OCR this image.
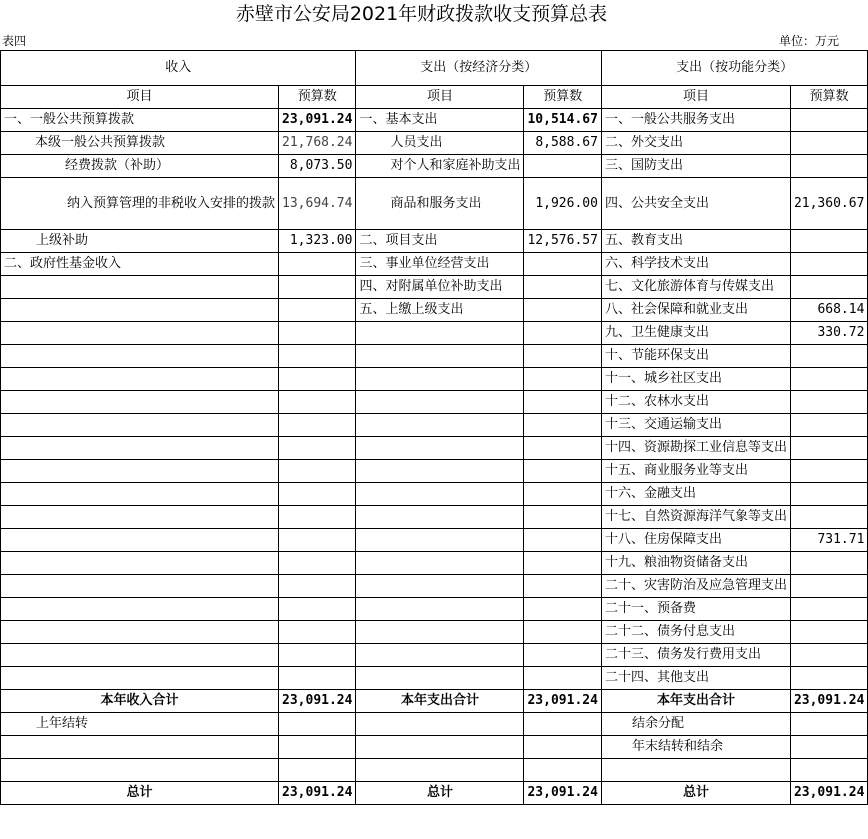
赤壁市公安局2021年财政拨款收支预算总表
表四	单位：万元
收入		支出（按经济分类）		支出（按功能分类）	
项目	预算数	项目	预算数	项目	预算数
一、一般公共预算拨款	23,091.24	一、基本支出	10,514.67	一、一般公共服务支出	
本级一般公共预算拨款	21,768.24	人员支出	8,588.67	二、外交支出	
经费拨款（补助）	8,073.50	对个人和家庭补助支出		三、国防支出	
纳入预算管理的非税收入安排的拨款	13,694.74	商品和服务支出	1,926.00	四、公共安全支出	21,360.67
上级补助	1,323.00	二、项目支出	12,576.57	五、教育支出	
二、政府性基金收入		三、事业单位经营支出		六、科学技术支出	
		四、对附属单位补助支出		七、文化旅游体育与传媒支出	
		五、上缴上级支出		八、社会保障和就业支出	668.14
				九、卫生健康支出	330.72
				十、节能环保支出	
				十一、城乡社区支出	
				十二、农林水支出	
				十三、交通运输支出	
				十四、资源勘探工业信息等支出	
				十五、商业服务业等支出	
				十六、金融支出	
				十七、自然资源海洋气象等支出	
				十八、住房保障支出	731.71
				十九、粮油物资储备支出	
				二十、灾害防治及应急管理支出	
				二十一、预备费	
				二十二、债务付息支出	
				二十三、债务发行费用支出	
				二十四、其他支出	
本年收入合计	23,091.24	本年支出合计	23,091.24	本年支出合计	23,091.24
上年结转				结余分配	
				年末结转和结余	

总计	23,091.24	总计	23,091.24	总计	23,091.24
